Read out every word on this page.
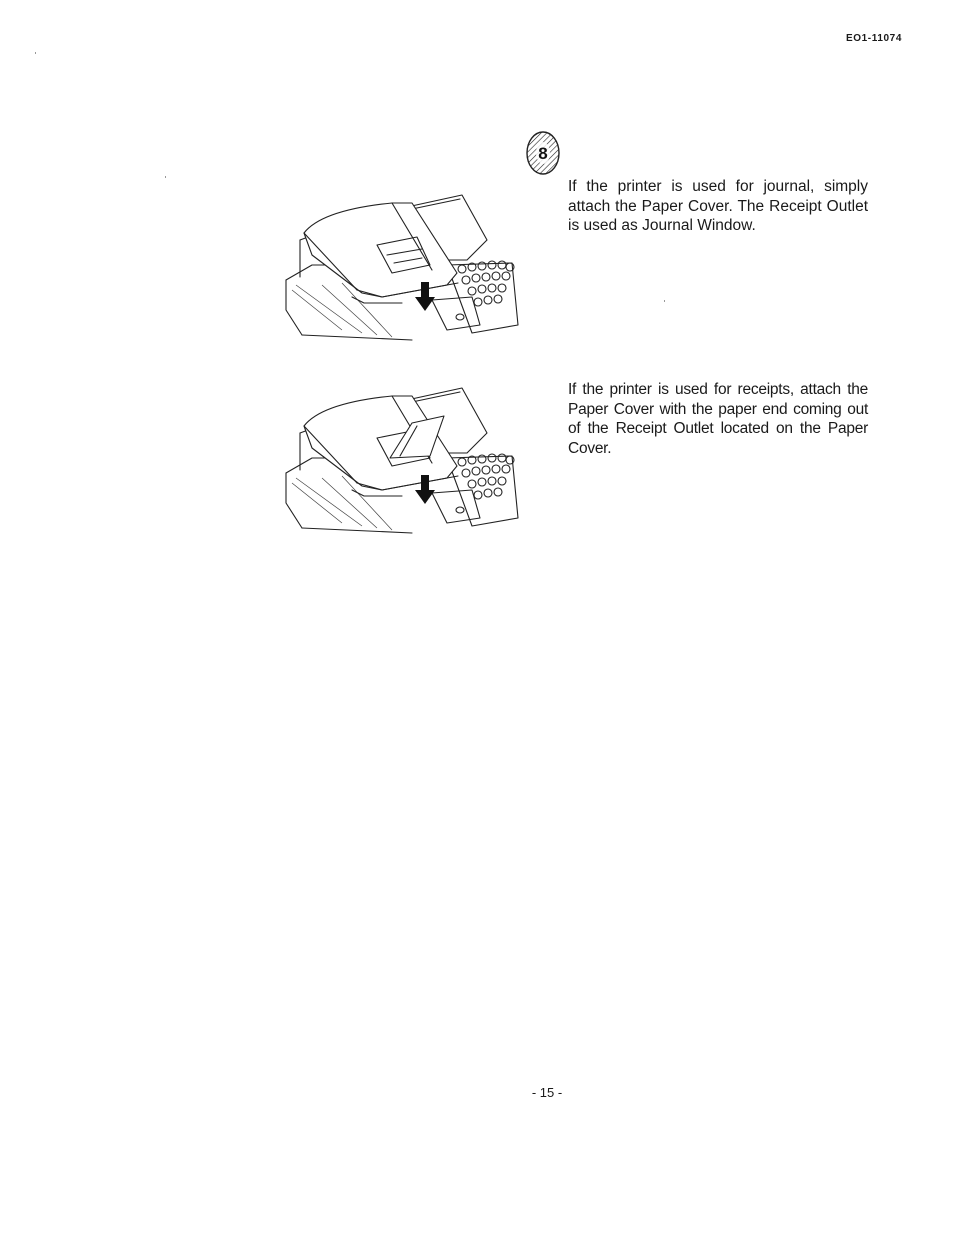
EO1-11074
8
If the printer is used for journal, simply attach the Paper Cover. The Receipt Outlet is used as Journal Window.
If the printer is used for receipts, attach the Paper Cover with the paper end coming out of the Receipt Outlet located on the Paper Cover.
- 15 -
